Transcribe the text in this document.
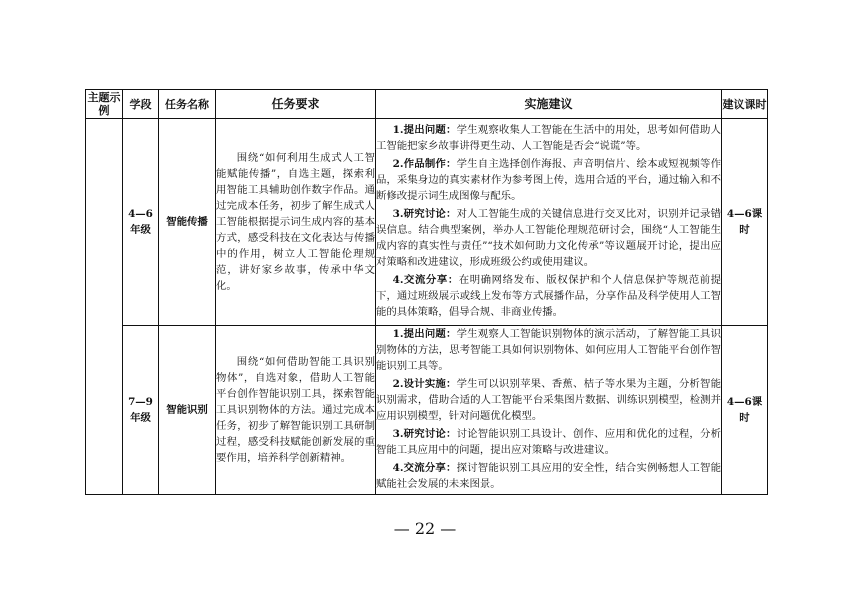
主题示例	学段	任务名称	任务要求	实施建议	建议课时
	4—6年级	智能传播	围绕“如何利用生成式人工智能赋能传播”，自选主题，探索利用智能工具辅助创作数字作品。通过完成本任务，初步了解生成式人工智能根据提示词生成内容的基本方式，感受科技在文化表达与传播中的作用，树立人工智能伦理规范，讲好家乡故事，传承中华文化。	1.提出问题：学生观察收集人工智能在生活中的用处，思考如何借助人工智能把家乡故事讲得更生动、人工智能是否会“说谎”等。

2.作品制作：学生自主选择创作海报、声音明信片、绘本或短视频等作品，采集身边的真实素材作为参考图上传，选用合适的平台，通过输入和不断修改提示词生成图像与配乐。

3.研究讨论：对人工智能生成的关键信息进行交叉比对，识别并记录错误信息。结合典型案例，举办人工智能伦理规范研讨会，围绕“人工智能生成内容的真实性与责任”“技术如何助力文化传承”等议题展开讨论，提出应对策略和改进建议，形成班级公约或使用建议。

4.交流分享：在明确网络发布、版权保护和个人信息保护等规范前提下，通过班级展示或线上发布等方式展播作品，分享作品及科学使用人工智能的具体策略，倡导合规、非商业传播。	4—6课时
	7—9年级	智能识别	围绕“如何借助智能工具识别物体”，自选对象，借助人工智能平台创作智能识别工具，探索智能工具识别物体的方法。通过完成本任务，初步了解智能识别工具研制过程，感受科技赋能创新发展的重要作用，培养科学创新精神。	1.提出问题：学生观察人工智能识别物体的演示活动，了解智能工具识别物体的方法，思考智能工具如何识别物体、如何应用人工智能平台创作智能识别工具等。

2.设计实施：学生可以识别苹果、香蕉、桔子等水果为主题，分析智能识别需求，借助合适的人工智能平台采集图片数据、训练识别模型，检测并应用识别模型，针对问题优化模型。

3.研究讨论：讨论智能识别工具设计、创作、应用和优化的过程，分析智能工具应用中的问题，提出应对策略与改进建议。

4.交流分享：探讨智能识别工具应用的安全性，结合实例畅想人工智能赋能社会发展的未来图景。	4—6课时
— 22 —
